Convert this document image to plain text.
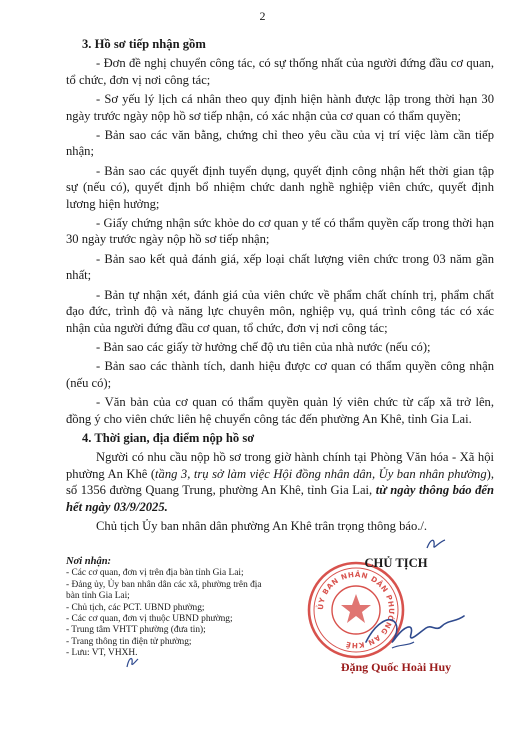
2

3. Hồ sơ tiếp nhận gồm

- Đơn đề nghị chuyển công tác, có sự thống nhất của người đứng đầu cơ quan, tổ chức, đơn vị nơi công tác;

- Sơ yếu lý lịch cá nhân theo quy định hiện hành được lập trong thời hạn 30 ngày trước ngày nộp hồ sơ tiếp nhận, có xác nhận của cơ quan có thẩm quyền;

- Bản sao các văn bằng, chứng chỉ theo yêu cầu của vị trí việc làm cần tiếp nhận;

- Bản sao các quyết định tuyển dụng, quyết định công nhận hết thời gian tập sự (nếu có), quyết định bổ nhiệm chức danh nghề nghiệp viên chức, quyết định lương hiện hưởng;

- Giấy chứng nhận sức khỏe do cơ quan y tế có thẩm quyền cấp trong thời hạn 30 ngày trước ngày nộp hồ sơ tiếp nhận;

- Bản sao kết quả đánh giá, xếp loại chất lượng viên chức trong 03 năm gần nhất;

- Bản tự nhận xét, đánh giá của viên chức về phẩm chất chính trị, phẩm chất đạo đức, trình độ và năng lực chuyên môn, nghiệp vụ, quá trình công tác có xác nhận của người đứng đầu cơ quan, tổ chức, đơn vị nơi công tác;

- Bản sao các giấy tờ hưởng chế độ ưu tiên của nhà nước (nếu có);

- Bản sao các thành tích, danh hiệu được cơ quan có thẩm quyền công nhận (nếu có);

- Văn bản của cơ quan có thẩm quyền quản lý viên chức từ cấp xã trở lên, đồng ý cho viên chức liên hệ chuyển công tác đến phường An Khê, tỉnh Gia Lai.

4. Thời gian, địa điểm nộp hồ sơ

Người có nhu cầu nộp hồ sơ trong giờ hành chính tại Phòng Văn hóa - Xã hội phường An Khê (tầng 3, trụ sở làm việc Hội đồng nhân dân, Ủy ban nhân phường), số 1356 đường Quang Trung, phường An Khê, tỉnh Gia Lai, từ ngày thông báo đến hết ngày 03/9/2025.

Chủ tịch Ủy ban nhân dân phường An Khê trân trọng thông báo./.

Nơi nhận:
- Các cơ quan, đơn vị trên địa bàn tỉnh Gia Lai;
- Đảng ủy, Ủy ban nhân dân các xã, phường trên địa bàn tỉnh Gia Lai;
- Chủ tịch, các PCT. UBND phường;
- Các cơ quan, đơn vị thuộc UBND phường;
- Trung tâm VHTT phường (đưa tin);
- Trang thông tin điện tử phường;
- Lưu: VT, VHXH.
ỦY BAN NHÂN DÂN PHƯỜNG AN KHÊ
CHỦ TỊCH
Đặng Quốc Hoài Huy
